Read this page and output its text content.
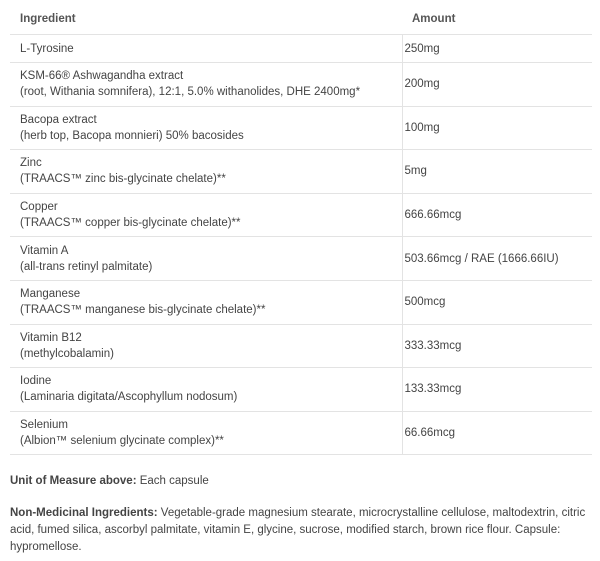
Ingredient	Amount

L-Tyrosine	250mg

KSM-66® Ashwagandha extract
(root, Withania somnifera), 12:1, 5.0% withanolides, DHE 2400mg*	200mg

Bacopa extract
(herb top, Bacopa monnieri) 50% bacosides	100mg

Zinc
(TRAACS™ zinc bis-glycinate chelate)**	5mg

Copper
(TRAACS™ copper bis-glycinate chelate)**	666.66mcg

Vitamin A
(all-trans retinyl palmitate)	503.66mcg / RAE (1666.66IU)

Manganese
(TRAACS™ manganese bis-glycinate chelate)**	500mcg

Vitamin B12
(methylcobalamin)	333.33mcg

Iodine
(Laminaria digitata/Ascophyllum nodosum)	133.33mcg

Selenium
(Albion™ selenium glycinate complex)**	66.66mcg
Unit of Measure above: Each capsule
Non-Medicinal Ingredients: Vegetable-grade magnesium stearate, microcrystalline cellulose, maltodextrin, citric acid, fumed silica, ascorbyl palmitate, vitamin E, glycine, sucrose, modified starch, brown rice flour. Capsule: hypromellose.
